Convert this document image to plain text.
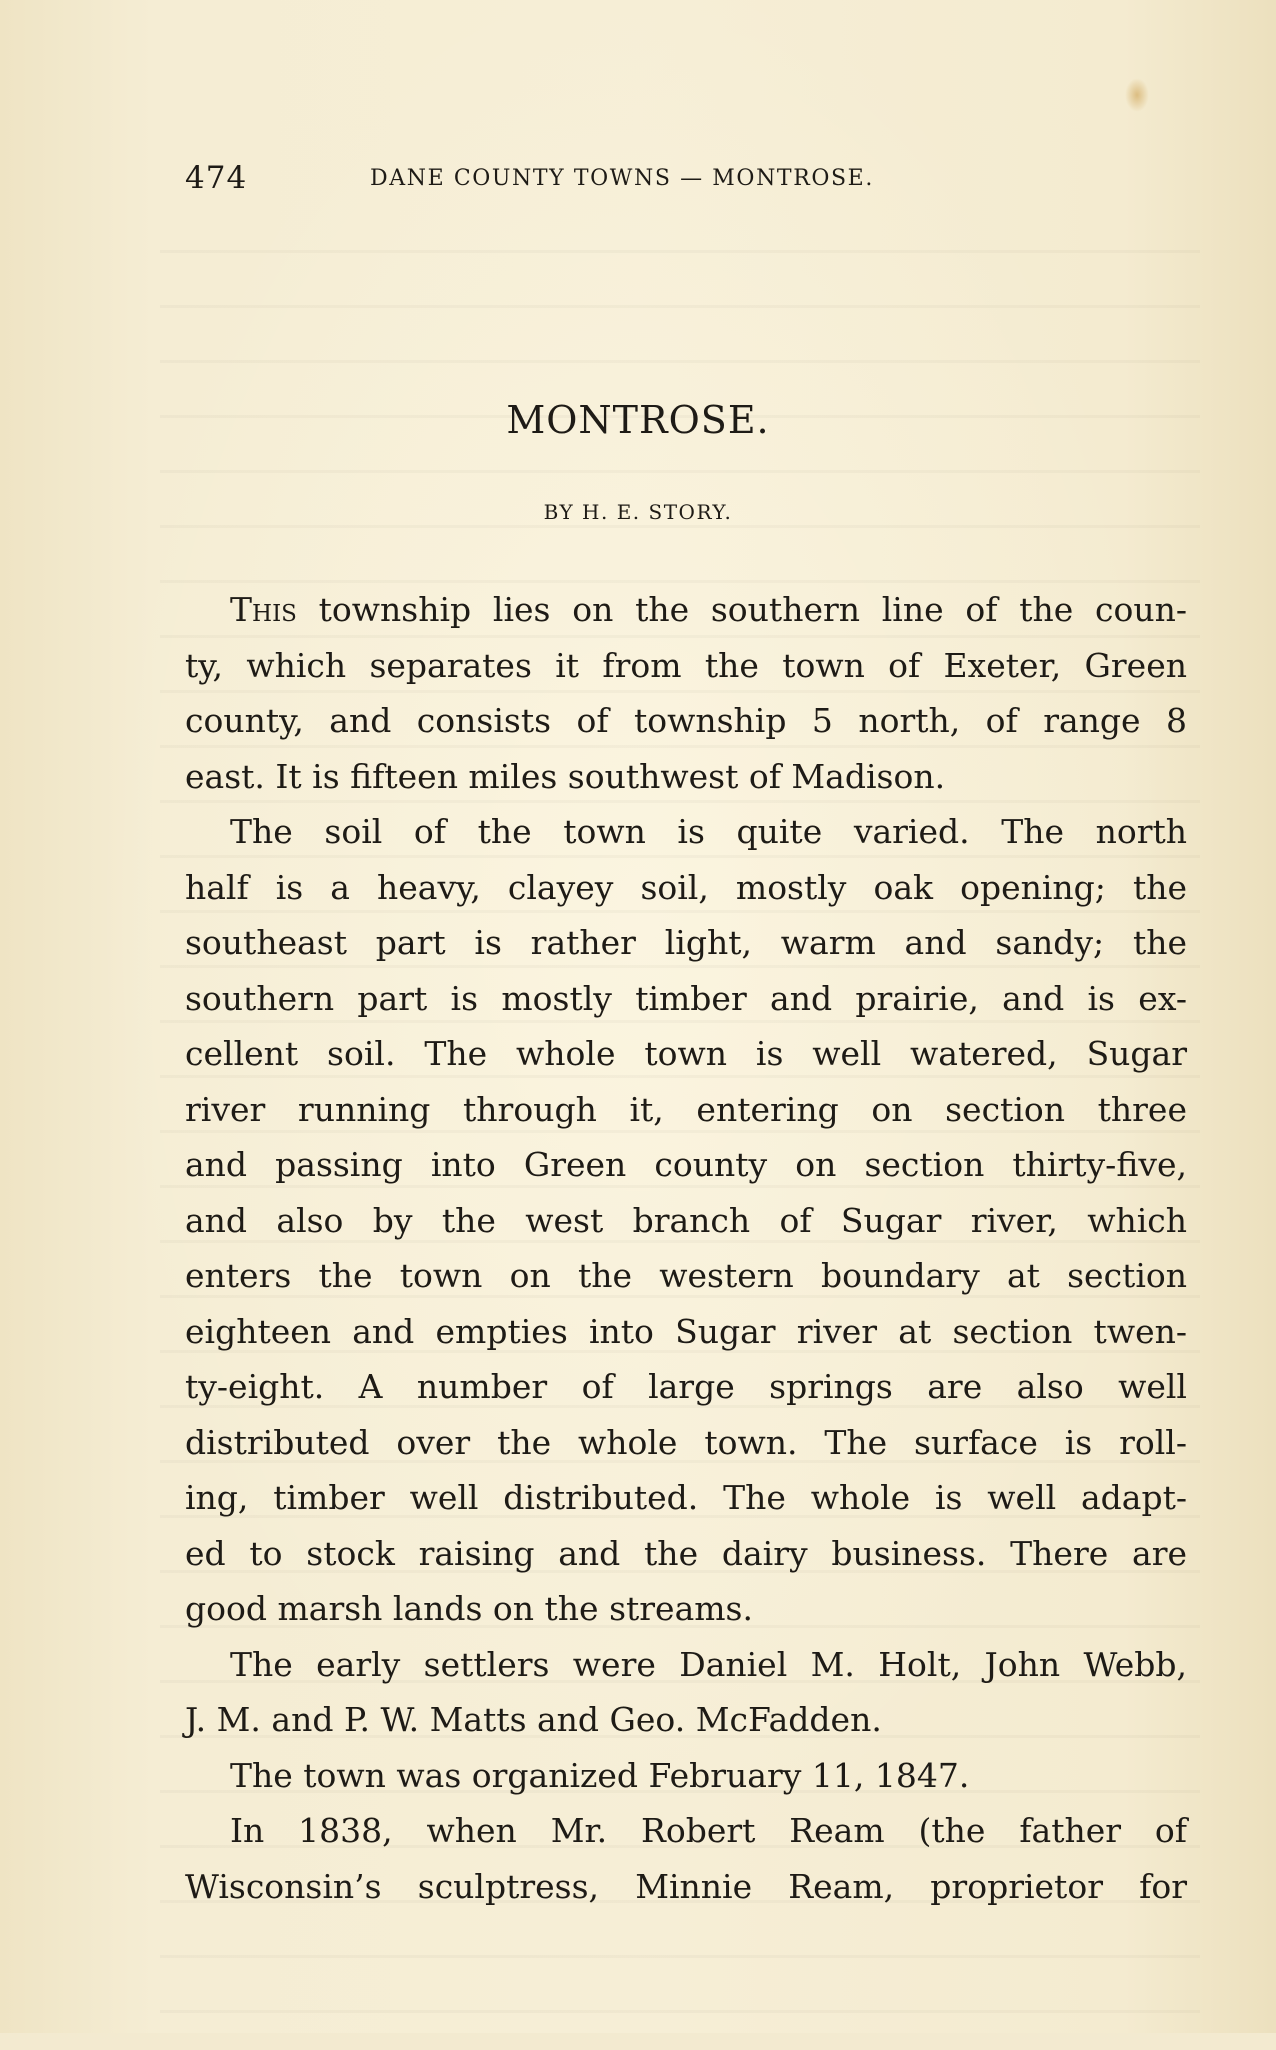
474	DANE COUNTY TOWNS — MONTROSE.
MONTROSE.
BY H. E. STORY.
This township lies on the southern line of the coun-
ty, which separates it from the town of Exeter, Green
county, and consists of township 5 north, of range 8
east. It is fifteen miles southwest of Madison.
The soil of the town is quite varied. The north
half is a heavy, clayey soil, mostly oak opening; the
southeast part is rather light, warm and sandy; the
southern part is mostly timber and prairie, and is ex-
cellent soil. The whole town is well watered, Sugar
river running through it, entering on section three
and passing into Green county on section thirty-five,
and also by the west branch of Sugar river, which
enters the town on the western boundary at section
eighteen and empties into Sugar river at section twen-
ty-eight. A number of large springs are also well
distributed over the whole town. The surface is roll-
ing, timber well distributed. The whole is well adapt-
ed to stock raising and the dairy business. There are
good marsh lands on the streams.
The early settlers were Daniel M. Holt, John Webb,
J. M. and P. W. Matts and Geo. McFadden.
The town was organized February 11, 1847.
In 1838, when Mr. Robert Ream (the father of
Wisconsin’s sculptress, Minnie Ream, proprietor for
